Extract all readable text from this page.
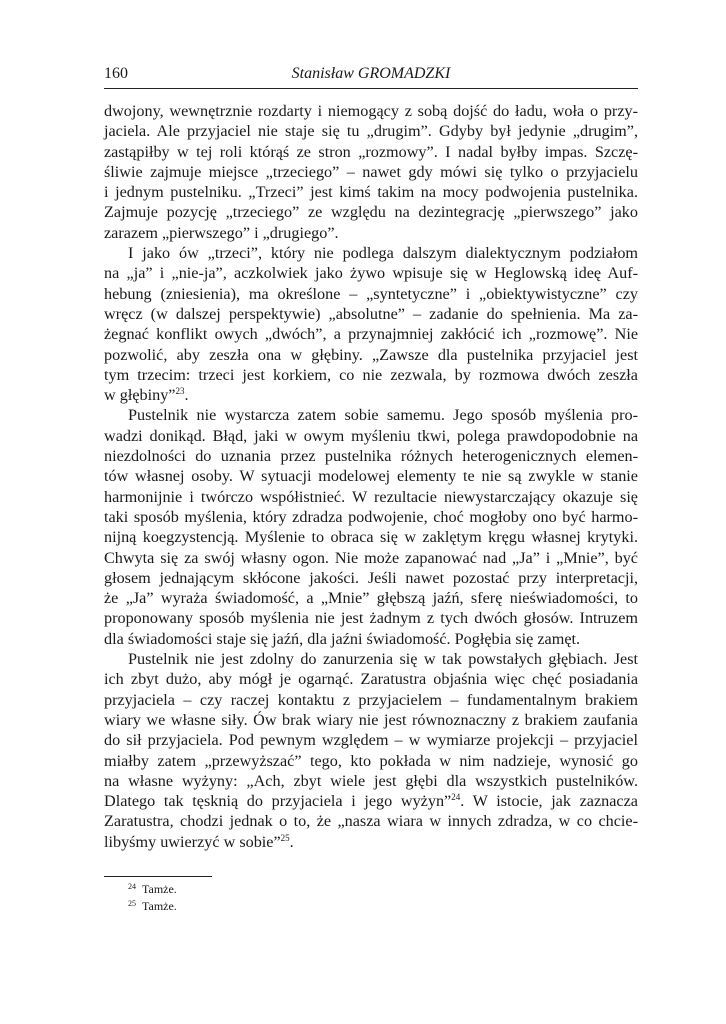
160	Stanisław GROMADZKI

dwojony, wewnętrznie rozdarty i niemogący z sobą dojść do ładu, woła o przy-

jaciela. Ale przyjaciel nie staje się tu „drugim”. Gdyby był jedynie „drugim”,

zastąpiłby w tej roli którąś ze stron „rozmowy”. I nadal byłby impas. Szczę-

śliwie zajmuje miejsce „trzeciego” – nawet gdy mówi się tylko o przyjacielu

i jednym pustelniku. „Trzeci” jest kimś takim na mocy podwojenia pustelnika.

Zajmuje pozycję „trzeciego” ze względu na dezintegrację „pierwszego” jako

zarazem „pierwszego” i „drugiego”.

I jako ów „trzeci”, który nie podlega dalszym dialektycznym podziałom

na „ja” i „nie-ja”, aczkolwiek jako żywo wpisuje się w Heglowską ideę Auf-

hebung (zniesienia), ma określone – „syntetyczne” i „obiektywistyczne” czy

wręcz (w dalszej perspektywie) „absolutne” – zadanie do spełnienia. Ma za-

żegnać konflikt owych „dwóch”, a przynajmniej zakłócić ich „rozmowę”. Nie

pozwolić, aby zeszła ona w głębiny. „Zawsze dla pustelnika przyjaciel jest

tym trzecim: trzeci jest korkiem, co nie zezwala, by rozmowa dwóch zeszła

w głębiny”$^{23}$.

Pustelnik nie wystarcza zatem sobie samemu. Jego sposób myślenia pro-

wadzi donikąd. Błąd, jaki w owym myśleniu tkwi, polega prawdopodobnie na

niezdolności do uznania przez pustelnika różnych heterogenicznych elemen-

tów własnej osoby. W sytuacji modelowej elementy te nie są zwykle w stanie

harmonijnie i twórczo współistnieć. W rezultacie niewystarczający okazuje się

taki sposób myślenia, który zdradza podwojenie, choć mogłoby ono być harmo-

nijną koegzystencją. Myślenie to obraca się w zaklętym kręgu własnej krytyki.

Chwyta się za swój własny ogon. Nie może zapanować nad „Ja” i „Mnie”, być

głosem jednającym skłócone jakości. Jeśli nawet pozostać przy interpretacji,

że „Ja” wyraża świadomość, a „Mnie” głębszą jaźń, sferę nieświadomości, to

proponowany sposób myślenia nie jest żadnym z tych dwóch głosów. Intruzem

dla świadomości staje się jaźń, dla jaźni świadomość. Pogłębia się zamęt.

Pustelnik nie jest zdolny do zanurzenia się w tak powstałych głębiach. Jest

ich zbyt dużo, aby mógł je ogarnąć. Zaratustra objaśnia więc chęć posiadania

przyjaciela – czy raczej kontaktu z przyjacielem – fundamentalnym brakiem

wiary we własne siły. Ów brak wiary nie jest równoznaczny z brakiem zaufania

do sił przyjaciela. Pod pewnym względem – w wymiarze projekcji – przyjaciel

miałby zatem „przewyższać” tego, kto pokłada w nim nadzieje, wynosić go

na własne wyżyny: „Ach, zbyt wiele jest głębi dla wszystkich pustelników.

Dlatego tak tęsknią do przyjaciela i jego wyżyn”$^{24}$. W istocie, jak zaznacza

Zaratustra, chodzi jednak o to, że „nasza wiara w innych zdradza, w co chcie-

libyśmy uwierzyć w sobie”$^{25}$.

$^{24}$ Tamże.

$^{25}$ Tamże.
